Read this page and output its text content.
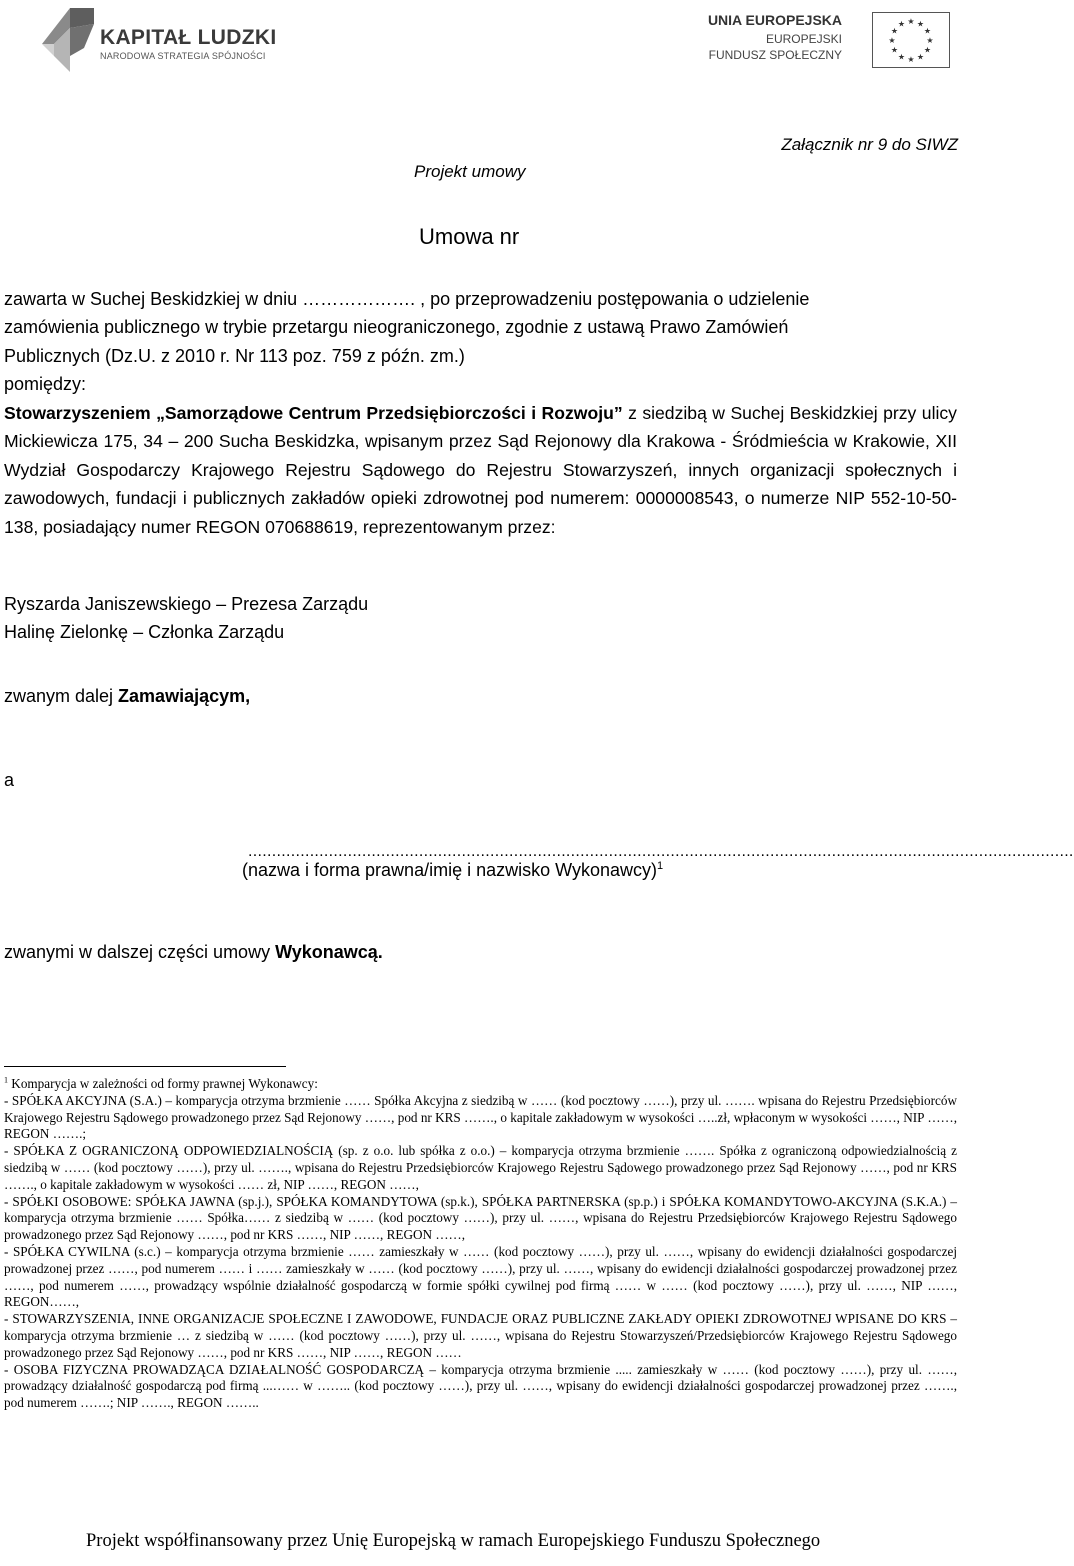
KAPITAŁ LUDZKI
NARODOWA STRATEGIA SPÓJNOŚCI
UNIA EUROPEJSKA
EUROPEJSKI
FUNDUSZ SPOŁECZNY
★ ★
★
★
★
★
★
★
★
★
★
★
Załącznik nr 9 do SIWZ
Projekt umowy
Umowa nr
zawarta w Suchej Beskidzkiej w dniu ………………. , po przeprowadzeniu postępowania o udzielenie
zamówienia publicznego w trybie przetargu nieograniczonego, zgodnie z ustawą Prawo Zamówień
Publicznych (Dz.U. z 2010 r. Nr 113 poz. 759 z późn. zm.)
pomiędzy:
Stowarzyszeniem „Samorządowe Centrum Przedsiębiorczości i Rozwoju” z siedzibą w Suchej Beskidzkiej przy ulicy Mickiewicza 175, 34 – 200 Sucha Beskidzka, wpisanym przez Sąd Rejonowy dla Krakowa - Śródmieścia w Krakowie, XII Wydział Gospodarczy Krajowego Rejestru Sądowego do Rejestru Stowarzyszeń, innych organizacji społecznych i zawodowych, fundacji i publicznych zakładów opieki zdrowotnej pod numerem: 0000008543, o numerze NIP 552-10-50-138, posiadający numer REGON 070688619, reprezentowanym przez:
Ryszarda Janiszewskiego – Prezesa Zarządu
Halinę Zielonkę – Członka Zarządu
zwanym dalej Zamawiającym,
a
..............................................................................................................................................................................
(nazwa i forma prawna/imię i nazwisko Wykonawcy)$^1$
zwanymi w dalszej części umowy Wykonawcą.

$^1$ Komparycja w zależności od formy prawnej Wykonawcy:

- SPÓŁKA AKCYJNA (S.A.) – komparycja otrzyma brzmienie …… Spółka Akcyjna z siedzibą w …… (kod pocztowy ……), przy ul. ……. wpisana do Rejestru Przedsiębiorców Krajowego Rejestru Sądowego prowadzonego przez Sąd Rejonowy ……, pod nr KRS ……., o kapitale zakładowym w wysokości …..zł, wpłaconym w wysokości ……, NIP ……, REGON …….;

- SPÓŁKA Z OGRANICZONĄ ODPOWIEDZIALNOŚCIĄ (sp. z o.o. lub spółka z o.o.) – komparycja otrzyma brzmienie ……. Spółka z ograniczoną odpowiedzialnością z siedzibą w …… (kod pocztowy ……), przy ul. ……., wpisana do Rejestru Przedsiębiorców Krajowego Rejestru Sądowego prowadzonego przez Sąd Rejonowy ……, pod nr KRS ……., o kapitale zakładowym w wysokości …… zł, NIP ……, REGON ……,

- SPÓŁKI OSOBOWE: SPÓŁKA JAWNA (sp.j.), SPÓŁKA KOMANDYTOWA (sp.k.), SPÓŁKA PARTNERSKA (sp.p.) i SPÓŁKA KOMANDYTOWO-AKCYJNA (S.K.A.) – komparycja otrzyma brzmienie …… Spółka…… z siedzibą w …… (kod pocztowy ……), przy ul. ……, wpisana do Rejestru Przedsiębiorców Krajowego Rejestru Sądowego prowadzonego przez Sąd Rejonowy ……, pod nr KRS ……, NIP ……, REGON ……,

- SPÓŁKA CYWILNA (s.c.) – komparycja otrzyma brzmienie …… zamieszkały w …… (kod pocztowy ……), przy ul. ……, wpisany do ewidencji działalności gospodarczej prowadzonej przez ……, pod numerem …… i …… zamieszkały w …… (kod pocztowy ……), przy ul. ……, wpisany do ewidencji działalności gospodarczej prowadzonej przez ……, pod numerem ……, prowadzący wspólnie działalność gospodarczą w formie spółki cywilnej pod firmą …… w …… (kod pocztowy ……), przy ul. ……, NIP ……, REGON……,

- STOWARZYSZENIA, INNE ORGANIZACJE SPOŁECZNE I ZAWODOWE, FUNDACJE ORAZ PUBLICZNE ZAKŁADY OPIEKI ZDROWOTNEJ WPISANE DO KRS – komparycja otrzyma brzmienie … z siedzibą w …… (kod pocztowy ……), przy ul. ……, wpisana do Rejestru Stowarzyszeń/Przedsiębiorców Krajowego Rejestru Sądowego prowadzonego przez Sąd Rejonowy ……, pod nr KRS ……, NIP ……, REGON ……

- OSOBA FIZYCZNA PROWADZĄCA DZIAŁALNOŚĆ GOSPODARCZĄ – komparycja otrzyma brzmienie ..... zamieszkały w …… (kod pocztowy ……), przy ul. ……, prowadzący działalność gospodarczą pod firmą ...…… w …….. (kod pocztowy ……), przy ul. ……, wpisany do ewidencji działalności gospodarczej prowadzonej przez ……., pod numerem …….; NIP ……., REGON ……..

Projekt współfinansowany przez Unię Europejską w ramach Europejskiego Funduszu Społecznego
